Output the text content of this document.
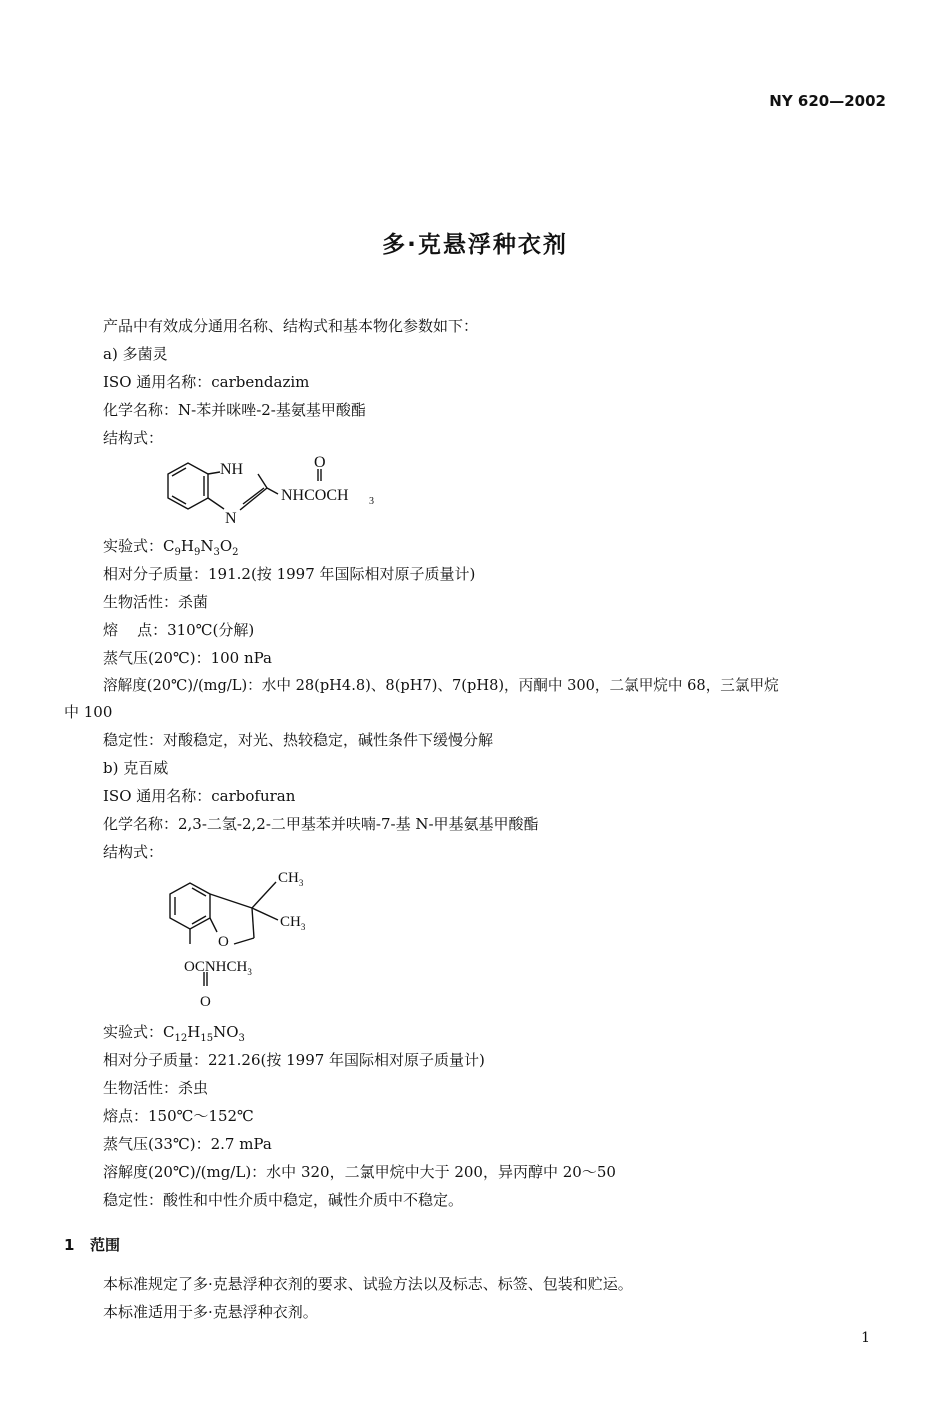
NY 620—2002
多·克悬浮种衣剂
产品中有效成分通用名称、结构式和基本物化参数如下：
a) 多菌灵
ISO 通用名称：carbendazim
化学名称：N-苯并咪唑-2-基氨基甲酸酯
结构式：
NH
N
O
NHCOCH 3
实验式：$C_9H_9N_3O_2$
相对分子质量：191.2(按 1997 年国际相对原子质量计)
生物活性：杀菌
熔    点：310℃(分解)
蒸气压(20℃)：100 nPa
溶解度(20℃)/(mg/L)：水中 28(pH4.8)、8(pH7)、7(pH8)，丙酮中 300，二氯甲烷中 68，三氯甲烷
中 100
稳定性：对酸稳定，对光、热较稳定，碱性条件下缓慢分解
b) 克百威
ISO 通用名称：carbofuran
化学名称：2,3-二氢-2,2-二甲基苯并呋喃-7-基 N-甲基氨基甲酸酯
结构式：
$CH_3$
$CH_3$
O
$OCNHCH_3$
O
实验式：$C_{12}H_{15}NO_3$
相对分子质量：221.26(按 1997 年国际相对原子质量计)
生物活性：杀虫
熔点：150℃～152℃
蒸气压(33℃)：2.7 mPa
溶解度(20℃)/(mg/L)：水中 320，二氯甲烷中大于 200，异丙醇中 20～50
稳定性：酸性和中性介质中稳定，碱性介质中不稳定。
1 范围
本标准规定了多·克悬浮种衣剂的要求、试验方法以及标志、标签、包装和贮运。
本标准适用于多·克悬浮种衣剂。
1
